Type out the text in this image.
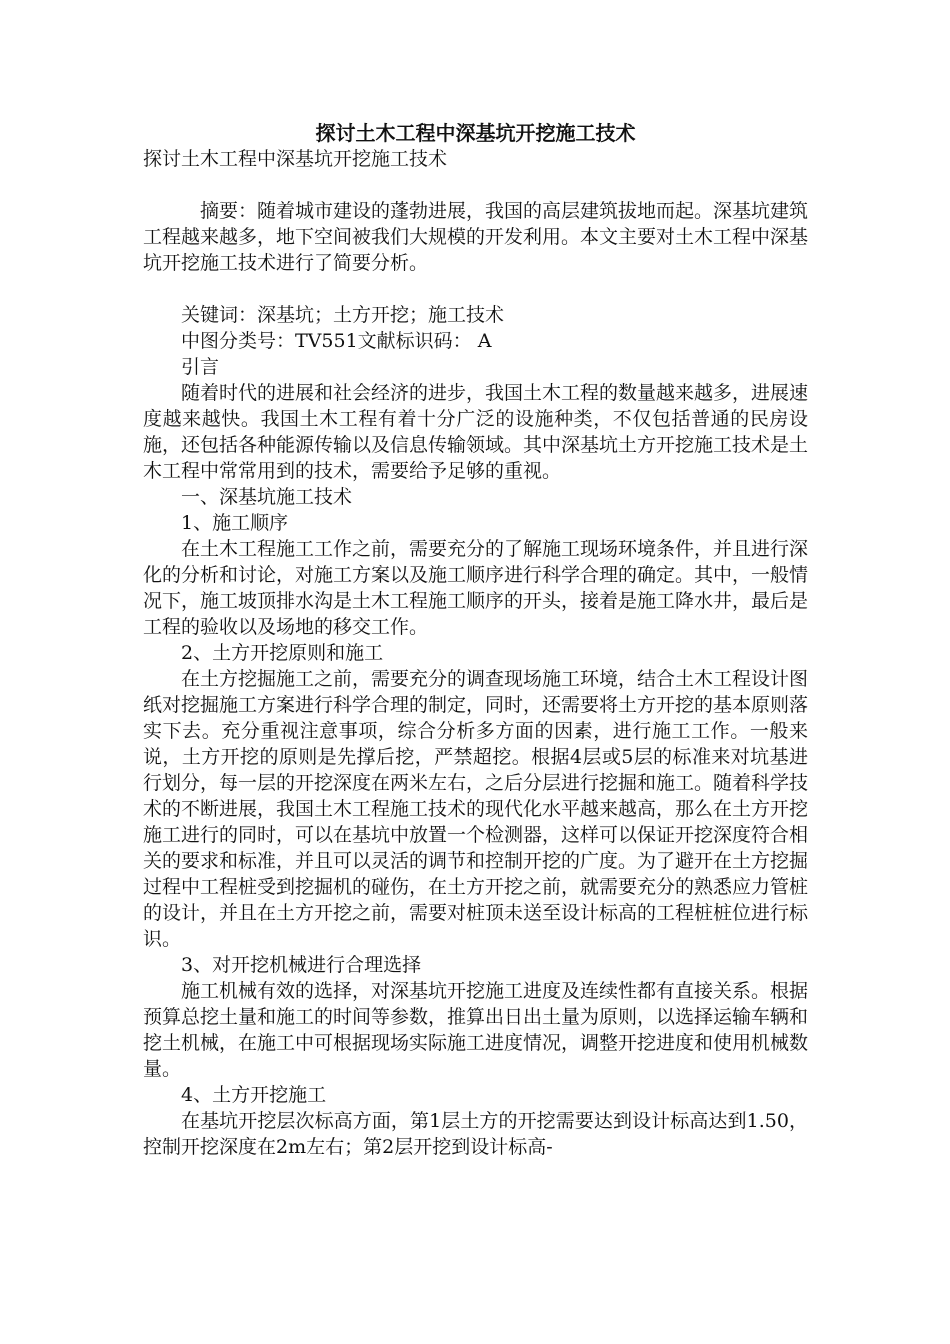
探讨土木工程中深基坑开挖施工技术

探讨土木工程中深基坑开挖施工技术

摘要：随着城市建设的蓬勃进展，我国的高层建筑拔地而起。深基坑建筑工程越来越多，地下空间被我们大规模的开发利用。本文主要对土木工程中深基坑开挖施工技术进行了简要分析。

关键词：深基坑；土方开挖；施工技术

中图分类号：TV551文献标识码： A

引言

随着时代的进展和社会经济的进步，我国土木工程的数量越来越多，进展速度越来越快。我国土木工程有着十分广泛的设施种类，不仅包括普通的民房设施，还包括各种能源传输以及信息传输领域。其中深基坑土方开挖施工技术是土木工程中常常用到的技术，需要给予足够的重视。

一、深基坑施工技术

1、施工顺序

在土木工程施工工作之前，需要充分的了解施工现场环境条件，并且进行深化的分析和讨论，对施工方案以及施工顺序进行科学合理的确定。其中，一般情况下，施工坡顶排水沟是土木工程施工顺序的开头，接着是施工降水井，最后是工程的验收以及场地的移交工作。

2、土方开挖原则和施工

在土方挖掘施工之前，需要充分的调查现场施工环境，结合土木工程设计图纸对挖掘施工方案进行科学合理的制定，同时，还需要将土方开挖的基本原则落实下去。充分重视注意事项，综合分析多方面的因素，进行施工工作。一般来说，土方开挖的原则是先撑后挖，严禁超挖。根据4层或5层的标准来对坑基进行划分，每一层的开挖深度在两米左右，之后分层进行挖掘和施工。随着科学技术的不断进展，我国土木工程施工技术的现代化水平越来越高，那么在土方开挖施工进行的同时，可以在基坑中放置一个检测器，这样可以保证开挖深度符合相关的要求和标准，并且可以灵活的调节和控制开挖的广度。为了避开在土方挖掘过程中工程桩受到挖掘机的碰伤，在土方开挖之前，就需要充分的熟悉应力管桩的设计，并且在土方开挖之前，需要对桩顶未送至设计标高的工程桩桩位进行标识。

3、对开挖机械进行合理选择

施工机械有效的选择，对深基坑开挖施工进度及连续性都有直接关系。根据预算总挖土量和施工的时间等参数，推算出日出土量为原则，以选择运输车辆和挖土机械，在施工中可根据现场实际施工进度情况，调整开挖进度和使用机械数量。

4、土方开挖施工

在基坑开挖层次标高方面，第1层土方的开挖需要达到设计标高达到1.50，控制开挖深度在2m左右；第2层开挖到设计标高-
